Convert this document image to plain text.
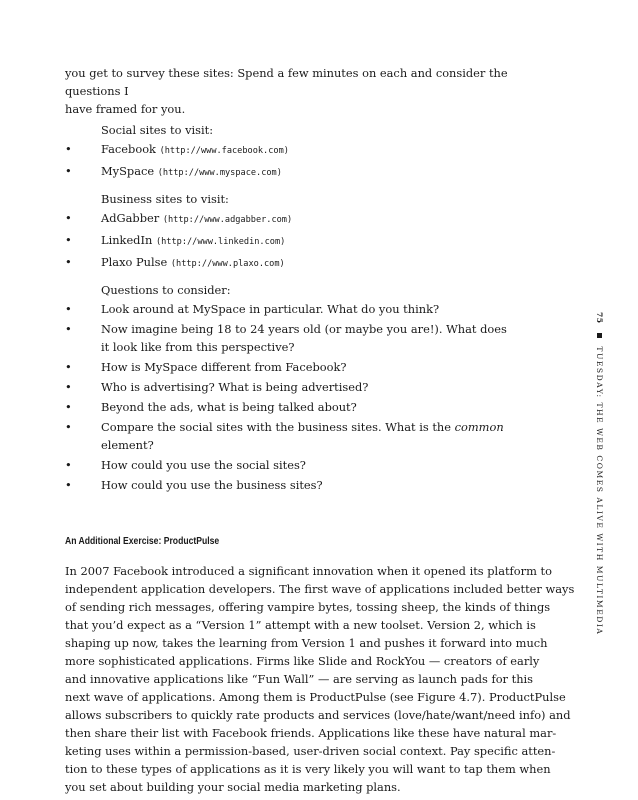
you get to survey these sites: Spend a few minutes on each and consider the questions I
have framed for you.

Social sites to visit:

•	Facebook (http://www.facebook.com)
•	MySpace (http://www.myspace.com)

Business sites to visit:

•	AdGabber (http://www.adgabber.com)
•	LinkedIn (http://www.linkedin.com)
•	Plaxo Pulse (http://www.plaxo.com)

Questions to consider:

•	Look around at MySpace in particular. What do you think?
•	Now imagine being 18 to 24 years old (or maybe you are!). What does it look like from this perspective?
•	How is MySpace different from Facebook?
•	Who is advertising? What is being advertised?
•	Beyond the ads, what is being talked about?
•	Compare the social sites with the business sites. What is the common element?
•	How could you use the social sites?
•	How could you use the business sites?

An Additional Exercise: ProductPulse

In 2007 Facebook introduced a significant innovation when it opened its platform to
independent application developers. The first wave of applications included better ways
of sending rich messages, offering vampire bytes, tossing sheep, the kinds of things
that you’d expect as a “Version 1” attempt with a new toolset. Version 2, which is
shaping up now, takes the learning from Version 1 and pushes it forward into much
more sophisticated applications. Firms like Slide and RockYou — creators of early
and innovative applications like “Fun Wall” — are serving as launch pads for this
next wave of applications. Among them is ProductPulse (see Figure 4.7). ProductPulse
allows subscribers to quickly rate products and services (love/hate/want/need info) and
then share their list with Facebook friends. Applications like these have natural mar-
keting uses within a permission-based, user-driven social context. Pay specific atten-
tion to these types of applications as it is very likely you will want to tap them when
you set about building your social media marketing plans.

75  TUESDAY: THE WEB COMES ALIVE WITH MULTIMEDIA
